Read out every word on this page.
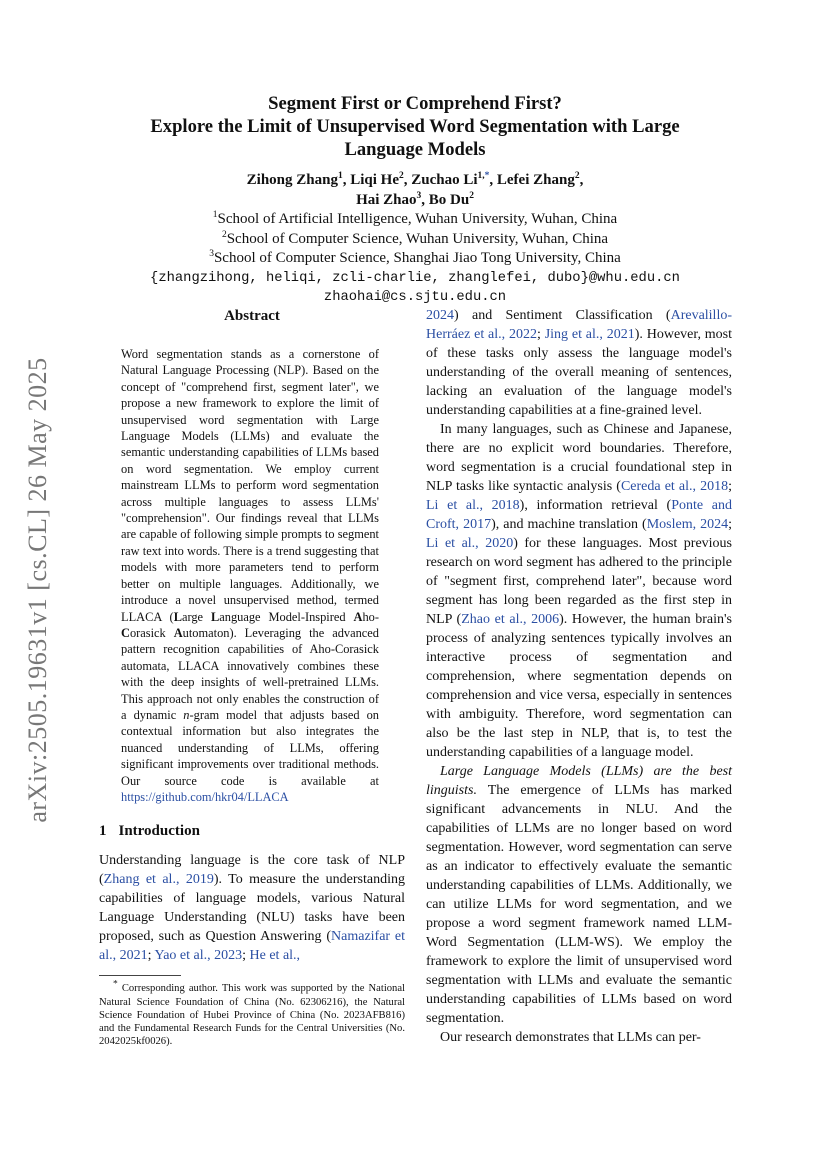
arXiv:2505.19631v1 [cs.CL] 26 May 2025
Segment First or Comprehend First?
Explore the Limit of Unsupervised Word Segmentation with Large
Language Models
Zihong Zhang$^1$, Liqi He$^2$, Zuchao $Li^{1,*}$, Lefei Zhang$^2$,
Hai Zhao$^3$, Bo Du$^2$
$^1$School of Artificial Intelligence, Wuhan University, Wuhan, China
$^2$School of Computer Science, Wuhan University, Wuhan, China
$^3$School of Computer Science, Shanghai Jiao Tong University, China
{zhangzihong, heliqi, zcli-charlie, zhanglefei, dubo}@whu.edu.cn
zhaohai@cs.sjtu.edu.cn

Abstract

Word segmentation stands as a cornerstone of Natural Language Processing (NLP). Based on the concept of "comprehend first, segment later", we propose a new framework to explore the limit of unsupervised word segmentation with Large Language Models (LLMs) and evaluate the semantic understanding capabilities of LLMs based on word segmentation. We employ current mainstream LLMs to perform word segmentation across multiple languages to assess LLMs' "comprehension". Our findings reveal that LLMs are capable of following simple prompts to segment raw text into words. There is a trend suggesting that models with more parameters tend to perform better on multiple languages. Additionally, we introduce a novel unsupervised method, termed LLACA (Large Language Model-Inspired Aho-Corasick Automaton). Leveraging the advanced pattern recognition capabilities of Aho-Corasick automata, LLACA innovatively combines these with the deep insights of well-pretrained LLMs. This approach not only enables the construction of a dynamic n-gram model that adjusts based on contextual information but also integrates the nuanced understanding of LLMs, offering significant improvements over traditional methods. Our source code is available at https://github.com/hkr04/LLACA

1 Introduction

Understanding language is the core task of NLP (Zhang et al., 2019). To measure the understanding capabilities of language models, various Natural Language Understanding (NLU) tasks have been proposed, such as Question Answering (Namazifar et al., 2021; Yao et al., 2023; He et al.,

* Corresponding author. This work was supported by the National Natural Science Foundation of China (No. 62306216), the Natural Science Foundation of Hubei Province of China (No. 2023AFB816) and the Fundamental Research Funds for the Central Universities (No. 2042025kf0026).

2024) and Sentiment Classification (Arevalillo-Herráez et al., 2022; Jing et al., 2021). However, most of these tasks only assess the language model's understanding of the overall meaning of sentences, lacking an evaluation of the language model's understanding capabilities at a fine-grained level.

In many languages, such as Chinese and Japanese, there are no explicit word boundaries. Therefore, word segmentation is a crucial foundational step in NLP tasks like syntactic analysis (Cereda et al., 2018; Li et al., 2018), information retrieval (Ponte and Croft, 2017), and machine translation (Moslem, 2024; Li et al., 2020) for these languages. Most previous research on word segment has adhered to the principle of "segment first, comprehend later", because word segment has long been regarded as the first step in NLP (Zhao et al., 2006). However, the human brain's process of analyzing sentences typically involves an interactive process of segmentation and comprehension, where segmentation depends on comprehension and vice versa, especially in sentences with ambiguity. Therefore, word segmentation can also be the last step in NLP, that is, to test the understanding capabilities of a language model.

Large Language Models (LLMs) are the best linguists. The emergence of LLMs has marked significant advancements in NLU. And the capabilities of LLMs are no longer based on word segmentation. However, word segmentation can serve as an indicator to effectively evaluate the semantic understanding capabilities of LLMs. Additionally, we can utilize LLMs for word segmentation, and we propose a word segment framework named LLM-Word Segmentation (LLM-WS). We employ the framework to explore the limit of unsupervised word segmentation with LLMs and evaluate the semantic understanding capabilities of LLMs based on word segmentation.

Our research demonstrates that LLMs can per-
